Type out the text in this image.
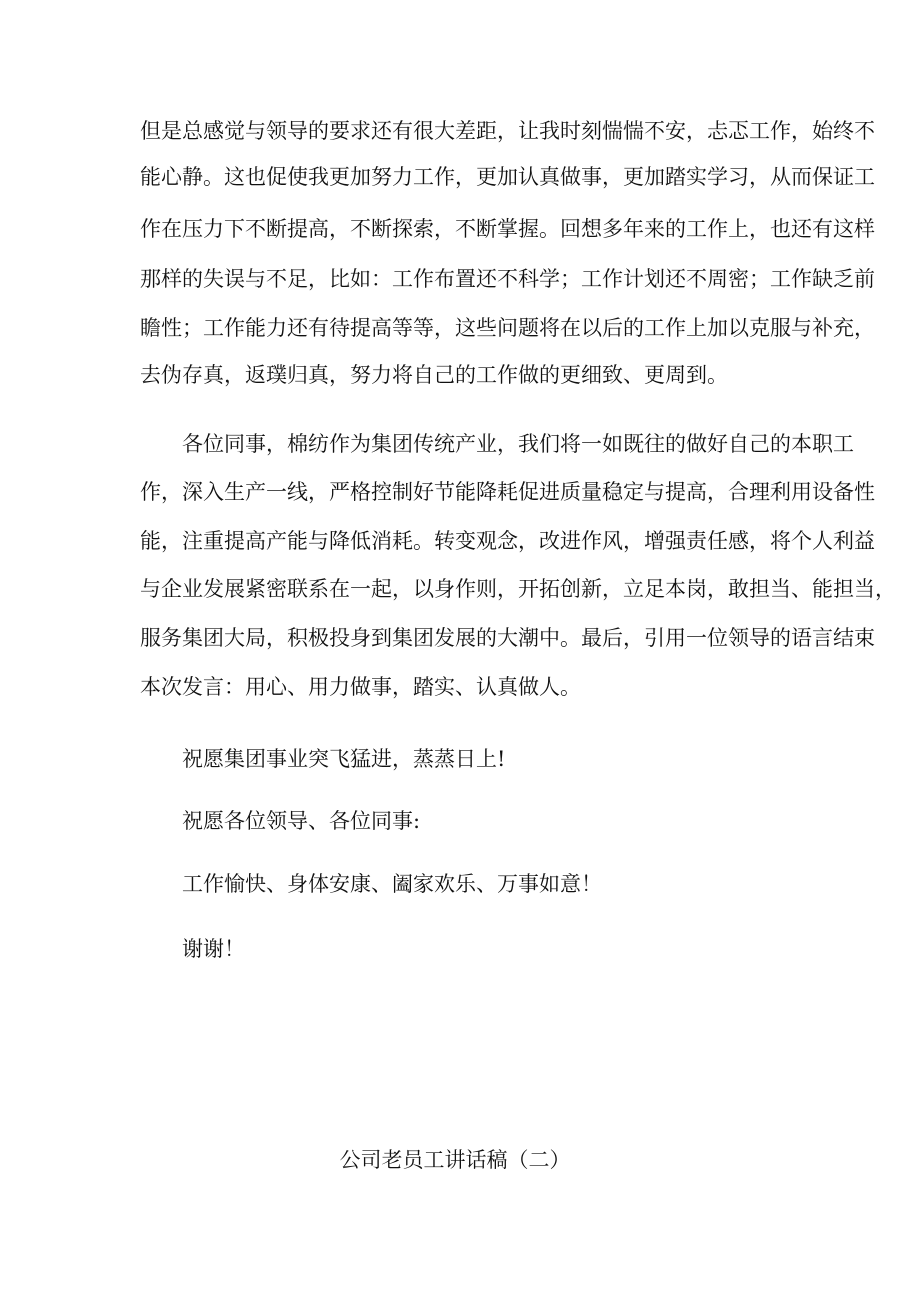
但是总感觉与领导的要求还有很大差距，让我时刻惴惴不安，忐忑工作，始终不
能心静。这也促使我更加努力工作，更加认真做事，更加踏实学习，从而保证工
作在压力下不断提高，不断探索，不断掌握。回想多年来的工作上，也还有这样
那样的失误与不足，比如：工作布置还不科学；工作计划还不周密；工作缺乏前
瞻性；工作能力还有待提高等等，这些问题将在以后的工作上加以克服与补充，
去伪存真，返璞归真，努力将自己的工作做的更细致、更周到。
各位同事，棉纺作为集团传统产业，我们将一如既往的做好自己的本职工
作，深入生产一线，严格控制好节能降耗促进质量稳定与提高，合理利用设备性
能，注重提高产能与降低消耗。转变观念，改进作风，增强责任感，将个人利益
与企业发展紧密联系在一起，以身作则，开拓创新，立足本岗，敢担当、能担当，
服务集团大局，积极投身到集团发展的大潮中。最后，引用一位领导的语言结束
本次发言：用心、用力做事，踏实、认真做人。
祝愿集团事业突飞猛进，蒸蒸日上!
祝愿各位领导、各位同事:
工作愉快、身体安康、阖家欢乐、万事如意！
谢谢！
公司老员工讲话稿（二）
